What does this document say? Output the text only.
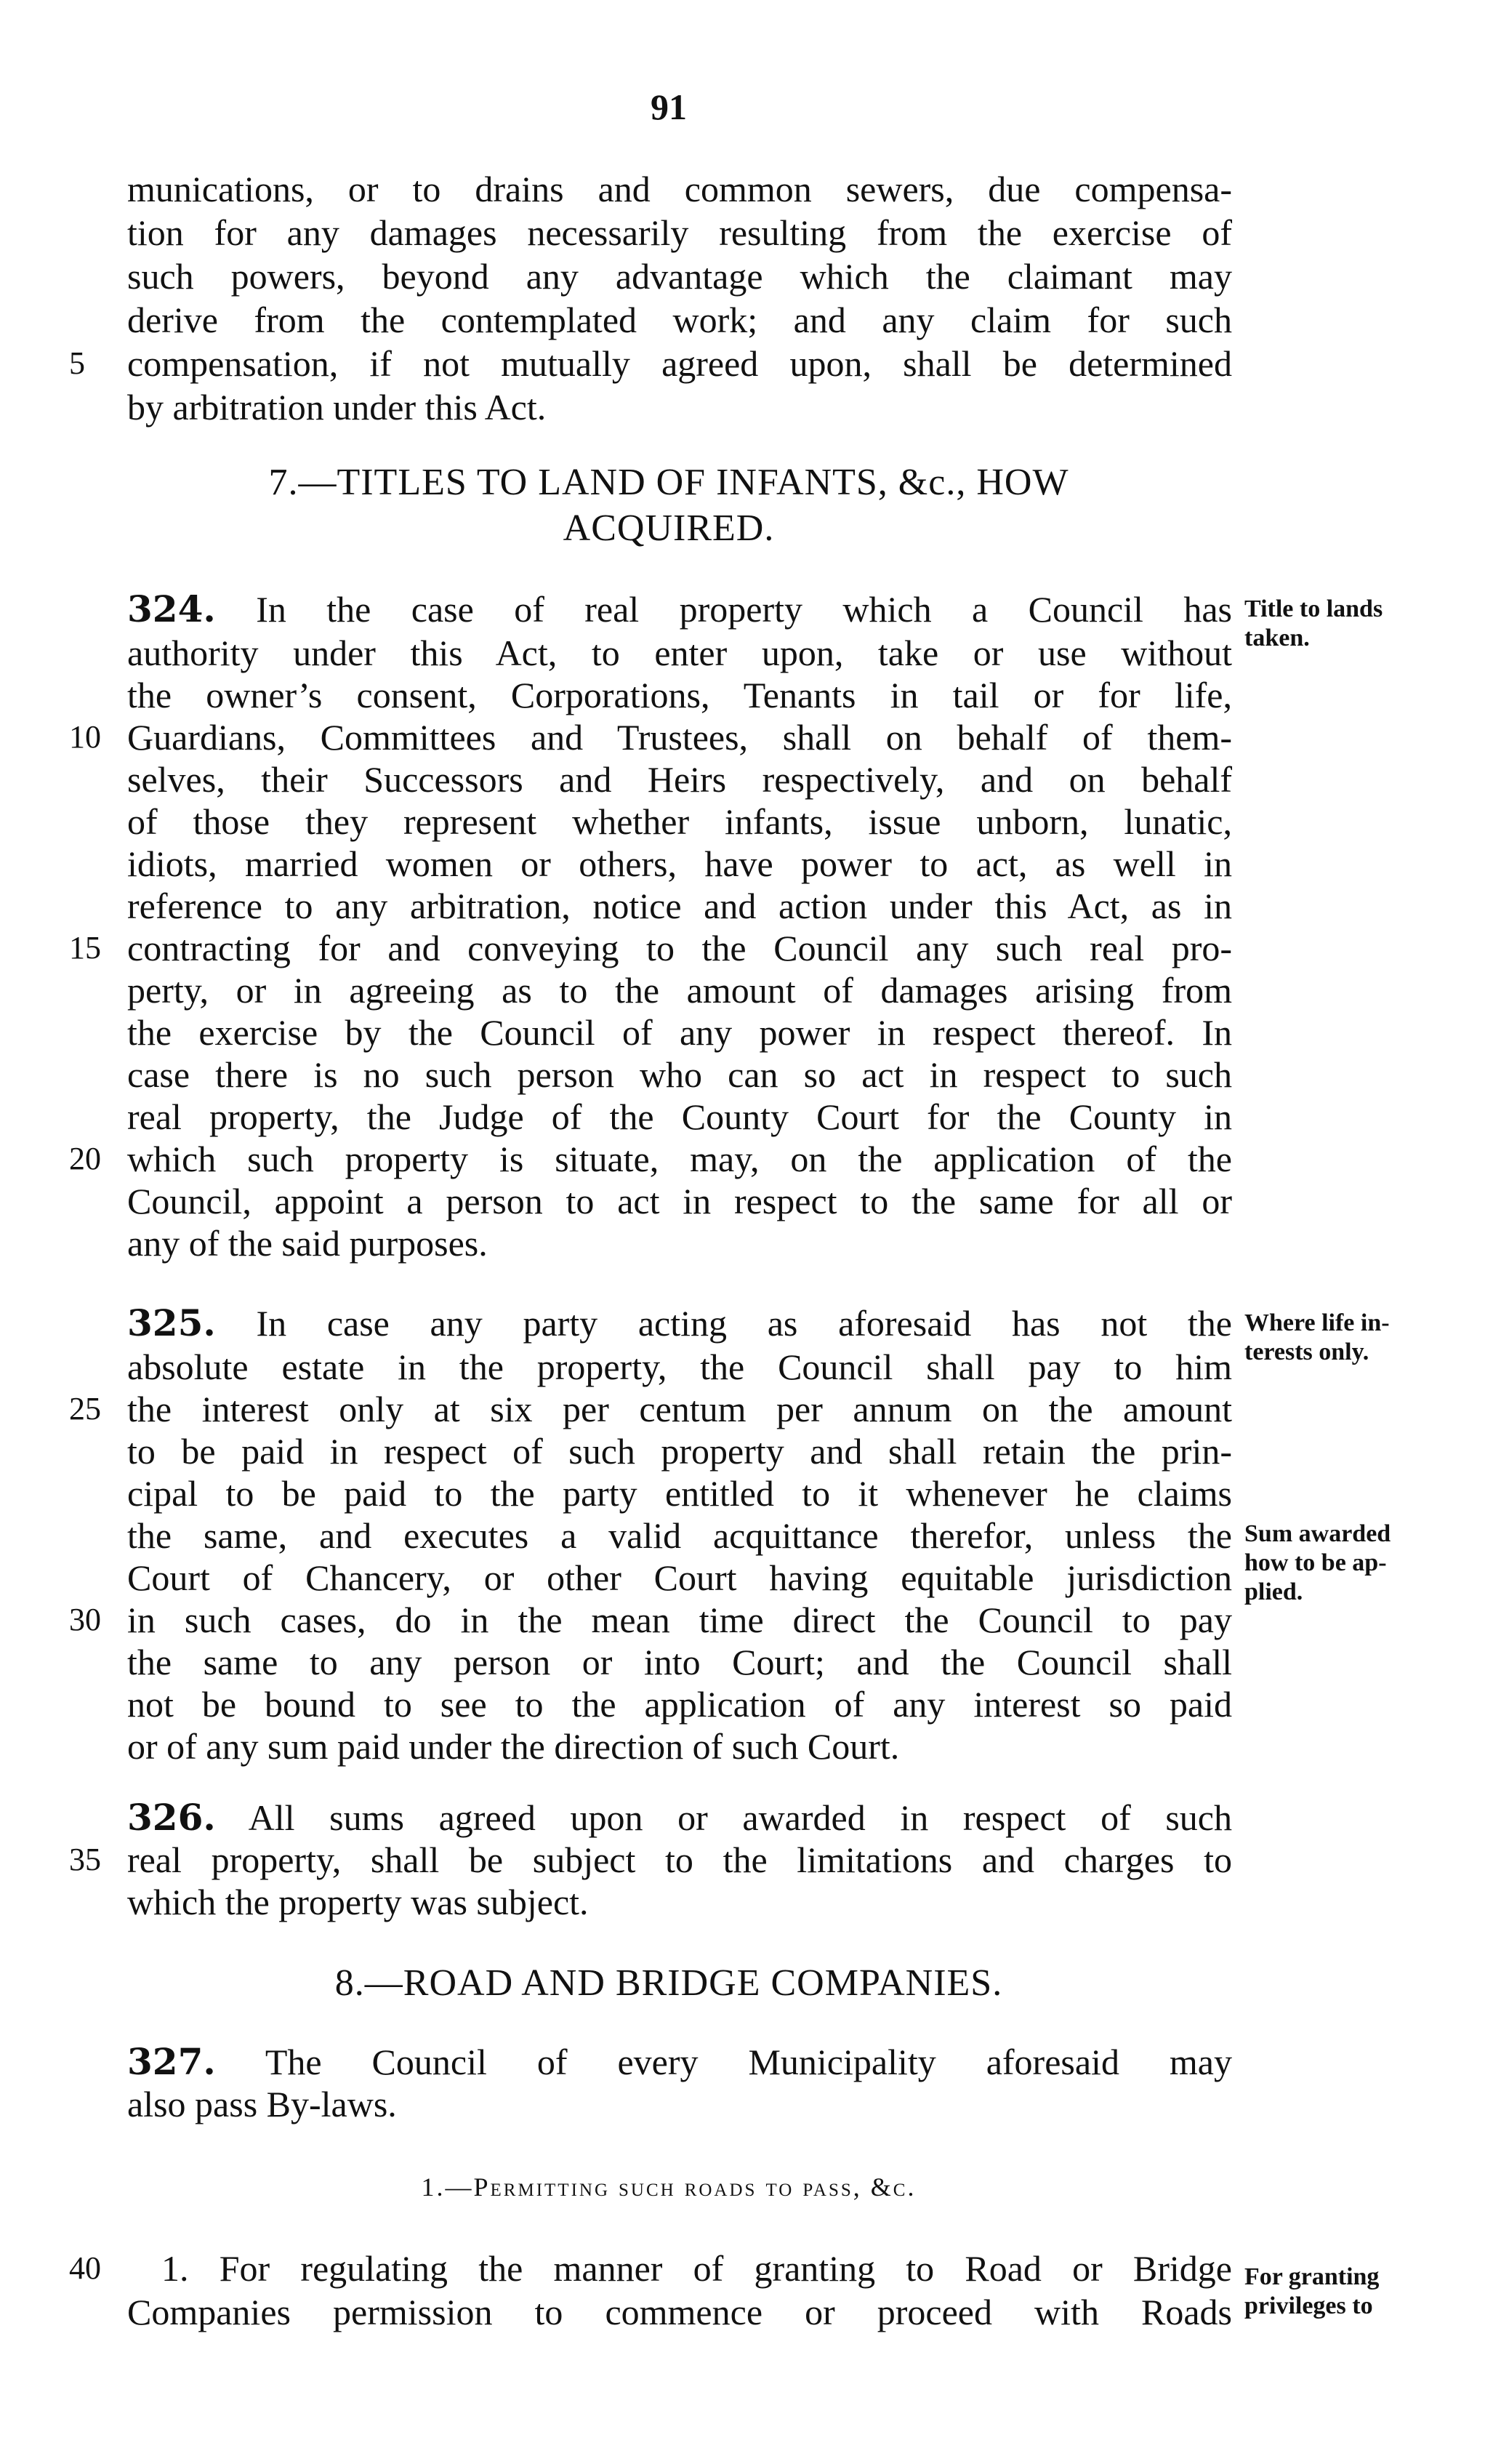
91
munications, or to drains and common sewers, due compensa-
tion for any damages necessarily resulting from the exercise of
such powers, beyond any advantage which the claimant may
derive from the contemplated work; and any claim for such
5 compensation, if not mutually agreed upon, shall be determined
by arbitration under this Act.
7.—TITLES TO LAND OF INFANTS, &c., HOW
ACQUIRED.
324. In the case of real property which a Council has Title to lands
taken.
authority under this Act, to enter upon, take or use without
the owner’s consent, Corporations, Tenants in tail or for life,
10 Guardians, Committees and Trustees, shall on behalf of them-
selves, their Successors and Heirs respectively, and on behalf
of those they represent whether infants, issue unborn, lunatic,
idiots, married women or others, have power to act, as well in
reference to any arbitration, notice and action under this Act, as in
15 contracting for and conveying to the Council any such real pro-
perty, or in agreeing as to the amount of damages arising from
the exercise by the Council of any power in respect thereof. In
case there is no such person who can so act in respect to such
real property, the Judge of the County Court for the County in
20 which such property is situate, may, on the application of the
Council, appoint a person to act in respect to the same for all or
any of the said purposes.
325. In case any party acting as aforesaid has not the Where life in-
terests only.
absolute estate in the property, the Council shall pay to him
25 the interest only at six per centum per annum on the amount
to be paid in respect of such property and shall retain the prin-
cipal to be paid to the party entitled to it whenever he claims
the same, and executes a valid acquittance therefor, unless the Sum awarded
how to be ap-
plied.
Court of Chancery, or other Court having equitable jurisdiction
30 in such cases, do in the mean time direct the Council to pay
the same to any person or into Court; and the Council shall
not be bound to see to the application of any interest so paid
or of any sum paid under the direction of such Court.
326. All sums agreed upon or awarded in respect of such
35 real property, shall be subject to the limitations and charges to
which the property was subject.
8.—ROAD AND BRIDGE COMPANIES.
327. The Council of every Municipality aforesaid may
also pass By-laws.
1.—Permitting such roads to pass, &c.
40 1. For regulating the manner of granting to Road or Bridge
Companies permission to commence or proceed with Roads
For granting
privileges to
